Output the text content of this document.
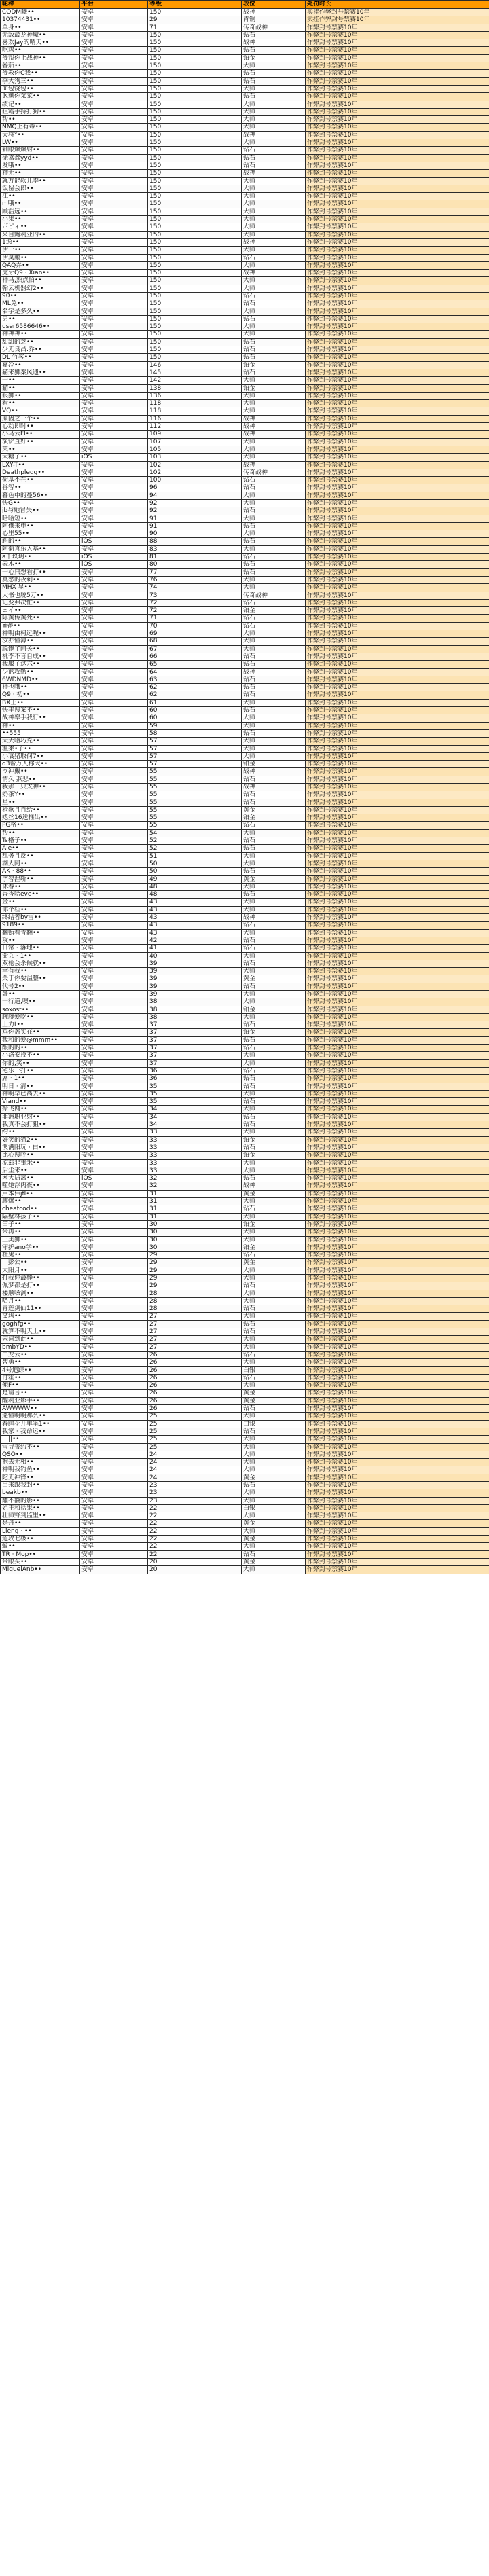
昵称	平台	等级	段位	处罚时长
CODM曦••	安卓	150	战神	卖挂作弊封号禁赛10年
10374431••	安卓	29	青铜	卖挂作弊封号禁赛10年
单身••	安卓	71	传奇战神	作弊封号禁赛10年
无敌最龙神魔••	安卓	150	钻石	作弊封号禁赛10年
喜欢Jay的晴天••	安卓	150	战神	作弊封号禁赛10年
吃鸡••	安卓	150	钻石	作弊封号禁赛10年
爷帮你上战神••	安卓	150	铂金	作弊封号禁赛10年
番茄••	安卓	150	大师	作弊封号禁赛10年
爷教你C我••	安卓	150	钻石	作弊封号禁赛10年
李大狗三••	安卓	150	钻石	作弊封号禁赛10年
面包饶包••	安卓	150	大师	作弊封号禁赛10年
讽刺你菜菜••	安卓	150	钻石	作弊封号禁赛10年
绩记••	安卓	150	大师	作弊封号禁赛10年
狙霸手持打狗••	安卓	150	大师	作弊封号禁赛10年
帮••	安卓	150	大师	作弊封号禁赛10年
NMQ上有毒••	安卓	150	大师	作弊封号禁赛10年
天将*••	安卓	150	战神	作弊封号禁赛10年
LW••	安卓	150	大师	作弊封号禁赛10年
刺眼爆爆射••	安卓	150	钻石	作弊封号禁赛10年
徐嘉鑫yyd••	安卓	150	钻石	作弊封号禁赛10年
发哦••	安卓	150	钻石	作弊封号禁赛10年
神无••	安卓	150	战神	作弊封号禁赛10年
就万能软儿李••	安卓	150	大师	作弊封号禁赛10年
饭留会郎••	安卓	150	大师	作弊封号禁赛10年
江••	安卓	150	大师	作弊封号禁赛10年
m哦••	安卓	150	大师	作弊封号禁赛10年
顾浩远••	安卓	150	大师	作弊封号禁赛10年
小果••	安卓	150	大师	作弊封号禁赛10年
ボビィ••	安卓	150	大师	作弊封号禁赛10年
来自鲍利亚的••	安卓	150	大师	作弊封号禁赛10年
1逸••	安卓	150	战神	作弊封号禁赛10年
伊一••	安卓	150	大师	作弊封号禁赛10年
伊莫鹏••	安卓	150	钻石	作弊封号禁赛10年
QAQ弄••	安卓	150	大师	作弊封号禁赛10年
虎牙Q9 · Xian••	安卓	150	战神	作弊封号禁赛10年
神马,熟点怕••	安卓	150	大师	作弊封号禁赛10年
翰云机器幻2••	安卓	150	大师	作弊封号禁赛10年
90••	安卓	150	钻石	作弊封号禁赛10年
ML免••	安卓	150	钻石	作弊封号禁赛10年
名字是多久••	安卓	150	大师	作弊封号禁赛10年
男••	安卓	150	钻石	作弊封号禁赛10年
user6586646••	安卓	150	大师	作弊封号禁赛10年
神神神••	安卓	150	大师	作弊封号禁赛10年
甜甜的芝••	安卓	150	钻石	作弊封号禁赛10年
少无良昌.乔••	安卓	150	钻石	作弊封号禁赛10年
DL 竹客••	安卓	150	钻石	作弊封号禁赛10年
嘉冷••	安卓	146	铂金	作弊封号禁赛10年
猫来狮秦风遗••	安卓	145	钻石	作弊封号禁赛10年
一••	安卓	142	大师	作弊封号禁赛10年
猫••	安卓	138	铂金	作弊封号禁赛10年
狼狮••	安卓	136	大师	作弊封号禁赛10年
看••	安卓	118	大师	作弊封号禁赛10年
VQ••	安卓	118	大师	作弊封号禁赛10年
原因之一个••	安卓	116	战神	作弊封号禁赛10年
心动即时••	安卓	112	战神	作弊封号禁赛10年
小乌云Fl••	安卓	109	战神	作弊封号禁赛10年
演铲直好••	安卓	107	大师	作弊封号禁赛10年
茉••	安卓	105	大师	作弊封号禁赛10年
大糖了••	iOS	103	大师	作弊封号禁赛10年
LXY-T••	安卓	102	战神	作弊封号禁赛10年
Deathpledg••	安卓	102	传奇战神	作弊封号禁赛10年
荷基不在••	安卓	100	钻石	作弊封号禁赛10年
番智••	安卓	96	钻石	作弊封号禁赛10年
暮色中的蔓56••	安卓	94	大师	作弊封号禁赛10年
快G••	安卓	92	大师	作弊封号禁赛10年
jb与她冒失••	安卓	92	钻石	作弊封号禁赛10年
哈哈短••	安卓	91	大师	作弊封号禁赛10年
阿俄来电••	安卓	91	钻石	作弊封号禁赛10年
心里55••	安卓	90	大师	作弊封号禁赛10年
斜的••	iOS	88	钻石	作弊封号禁赛10年
阿葡喜乐入基••	安卓	83	大师	作弊封号禁赛10年
a丫玖玥••	iOS	81	钻石	作弊封号禁赛10年
表木••	iOS	80	钻石	作弊封号禁赛10年
一心只想看打••	安卓	77	钻石	作弊封号禁赛10年
莫愁的夜刺••	安卓	76	大师	作弊封号禁赛10年
MHX 星••	安卓	74	大师	作弊封号禁赛10年
大书也脱5万••	安卓	73	传奇战神	作弊封号禁赛10年
记变弗决忙••	安卓	72	钻石	作弊封号禁赛10年
ェイ••	安卓	72	铂金	作弊封号禁赛10年
陈黄传黄死••	安卓	71	钻石	作弊封号禁赛10年
≌番••	安卓	70	钻石	作弊封号禁赛10年
神明由柯远呢••	安卓	69	大师	作弊封号禁赛10年
汝亦懂薄••	安卓	68	大师	作弊封号禁赛10年
脱饱了阿关••	安卓	67	大师	作弊封号禁赛10年
桃李不言自成••	安卓	66	钻石	作弊封号禁赛10年
我服了这六••	安卓	65	钻石	作弊封号禁赛10年
少蓝攻勤••	安卓	64	战神	作弊封号禁赛10年
6WDNMD••	安卓	63	钻石	作弊封号禁赛10年
神也哦••	安卓	62	钻石	作弊封号禁赛10年
Q9 · 初••	安卓	62	钻石	作弊封号禁赛10年
BX王••	安卓	61	大师	作弊封号禁赛10年
快丰搜案不••	安卓	60	钻石	作弊封号禁赛10年
战神率手我行••	安卓	60	大师	作弊封号禁赛10年
神••	安卓	59	大师	作弊封号禁赛10年
••555	安卓	58	钻石	作弊封号禁赛10年
天天哈巧克••	安卓	57	大师	作弊封号禁赛10年
温柔•子••	安卓	57	大师	作弊封号禁赛10年
小衰猪取何7••	安卓	57	大师	作弊封号禁赛10年
q3帮万人称大••	安卓	57	铂金	作弊封号禁赛10年
ㄅ冲戴••	安卓	55	战神	作弊封号禁赛10年
情久 燕悲••	安卓	55	钻石	作弊封号禁赛10年
我那三只太神••	安卓	55	战神	作弊封号禁赛10年
奶茶Y••	安卓	55	钻石	作弊封号禁赛10年
星••	安卓	55	钻石	作弊封号禁赛10年
枪歌且自给••	安卓	55	黄金	作弊封号禁赛10年
姥丝16送推出••	安卓	55	铂金	作弊封号禁赛10年
PG格••	安卓	55	钻石	作弊封号禁赛10年
帮••	安卓	54	大师	作弊封号禁赛10年
Ts格子••	安卓	52	钻石	作弊封号禁赛10年
Ale••	安卓	52	钻石	作弊封号禁赛10年
乱务且反••	安卓	51	大师	作弊封号禁赛10年
湖人阿••	安卓	50	大师	作弊封号禁赛10年
AK · 88••	安卓	50	钻石	作弊封号禁赛10年
字智涅斩••	安卓	49	黄金	作弊封号禁赛10年
休春••	安卓	48	大师	作弊封号禁赛10年
香香哈eve••	安卓	48	钻石	作弊封号禁赛10年
金••	安卓	43	大师	作弊封号禁赛10年
你个桂••	安卓	43	大师	作弊封号禁赛10年
终结者by雪••	安卓	43	战神	作弊封号禁赛10年
9189••	安卓	43	钻石	作弊封号禁赛10年
翻贿看青翻••	安卓	43	大师	作弊封号禁赛10年
攻••	安卓	42	钻石	作弊封号禁赛10年
日常 · 落地••	安卓	41	钻石	作弊封号禁赛10年
命兵 · 1••	安卓	40	大师	作弊封号禁赛10年
双枪会杀候就••	安卓	39	钻石	作弊封号禁赛10年
幸有我••	安卓	39	大师	作弊封号禁赛10年
关于你要温整••	安卓	39	黄金	作弊封号禁赛10年
代号2••	安卓	39	钻石	作弊封号禁赛10年
暑••	安卓	39	大师	作弊封号禁赛10年
一行道,噢••	安卓	38	大师	作弊封号禁赛10年
soxost••	安卓	38	铂金	作弊封号禁赛10年
腕腕爱吃••	安卓	38	大师	作弊封号禁赛10年
上力t••	安卓	37	钻石	作弊封号禁赛10年
鸡你盖实在••	安卓	37	铂金	作弊封号禁赛10年
我和的爱@mmm••	安卓	37	钻石	作弊封号禁赛10年
酿的的••	安卓	37	钻石	作弊封号禁赛10年
小洛安投不••	安卓	37	大师	作弊封号禁赛10年
你的,笑••	安卓	37	大师	作弊封号禁赛10年
宅乐一打••	安卓	36	钻石	作弊封号禁赛10年
屌 · 1••	安卓	36	钻石	作弊封号禁赛10年
明日 · 清••	安卓	35	钻石	作弊封号禁赛10年
神明早已离去••	安卓	35	大师	作弊封号禁赛10年
Viand••	安卓	35	钻石	作弊封号禁赛10年
撩飞网••	安卓	34	大师	作弊封号禁赛10年
非洲职业射••	安卓	34	钻石	作弊封号禁赛10年
我真不会打狙••	安卓	34	钻石	作弊封号禁赛10年
约••	安卓	33	大师	作弊封号禁赛10年
好笑的猫2••	安卓	33	铂金	作弊封号禁赛10年
澳满阳玩 · 白••	安卓	33	钻石	作弊封号禁赛10年
比心搜呼••	安卓	33	铂金	作弊封号禁赛10年
凉兹非事米••	安卓	33	大师	作弊封号禁赛10年
后尘来••	安卓	33	大师	作弊封号禁赛10年
网大局离••	iOS	32	钻石	作弊封号禁赛10年
噬她浮肉夜••	安卓	32	战神	作弊封号禁赛10年
卢本伟jfl••	安卓	31	黄金	作弊封号禁赛10年
膊爆••	安卓	31	大师	作弊封号禁赛10年
cheatcod••	安卓	31	钻石	作弊封号禁赛10年
隔壁林孩子••	安卓	31	大师	作弊封号禁赛10年
笛子••	安卓	30	铂金	作弊封号禁赛10年
米再••	安卓	30	大师	作弊封号禁赛10年
王美狮••	安卓	30	大师	作弊封号禁赛10年
守护ano学••	安卓	30	铂金	作弊封号禁赛10年
杜鬼••	安卓	29	钻石	作弊封号禁赛10年
|| 彭公••	安卓	29	黄金	作弊封号禁赛10年
太阳月••	安卓	29	大师	作弊封号禁赛10年
打我你最棒••	安卓	29	大师	作弊封号禁赛10年
佩梦都是打••	安卓	29	钻石	作弊封号禁赛10年
楼顺嗓测••	安卓	28	大师	作弊封号禁赛10年
嗜月••	安卓	28	大师	作弊封号禁赛10年
青莲剑仙11••	安卓	28	钻石	作弊封号禁赛10年
文玛••	安卓	27	大师	作弊封号禁赛10年
goghfg••	安卓	27	钻石	作弊封号禁赛10年
就算不明天上••	安卓	27	钻石	作弊封号禁赛10年
宋词到此••	安卓	27	大师	作弊封号禁赛10年
bmbYD••	安卓	27	大师	作弊封号禁赛10年
二龙云••	安卓	26	钻石	作弊封号禁赛10年
智勇••	安卓	26	大师	作弊封号禁赛10年
4号追踪••	安卓	26	白银	作弊封号禁赛10年
付霍••	安卓	26	钻石	作弊封号禁赛10年
俺F••	安卓	26	大师	作弊封号禁赛10年
是请言••	安卓	26	黄金	作弊封号禁赛10年
醒利亚影手••	安卓	26	黄金	作弊封号禁赛10年
AWWWW••	安卓	26	钻石	作弊封号禁赛10年
遥懂明明那么••	安卓	25	大师	作弊封号禁赛10年
春睡花开单笔1••	安卓	25	白银	作弊封号禁赛10年
我家 · 我命运••	安卓	25	钻石	作弊封号禁赛10年
|| ||••	安卓	25	大师	作弊封号禁赛10年
雪寻誓约不••	安卓	25	大师	作弊封号禁赛10年
QSO••	安卓	24	大师	作弊封号禁赛10年
抱去无相••	安卓	24	大师	作弊封号禁赛10年
神明我钓鱼••	安卓	24	大师	作弊封号禁赛10年
陀无冲锋••	安卓	24	黄金	作弊封号禁赛10年
出来跟我封••	安卓	23	钻石	作弊封号禁赛10年
beakb••	安卓	23	大师	作弊封号禁赛10年
雕不翻的影••	安卓	23	大师	作弊封号禁赛10年
姐王和括果••	安卓	22	白银	作弊封号禁赛10年
壮师野到监里••	安卓	22	大师	作弊封号禁赛10年
是丹••	安卓	22	黄金	作弊封号禁赛10年
Lieng · ••	安卓	22	大师	作弊封号禁赛10年
道攻七极••	安卓	22	黄金	作弊封号禁赛10年
蚊••	安卓	22	大师	作弊封号禁赛10年
TR · Mop••	安卓	22	钻石	作弊封号禁赛10年
带眼买••	安卓	20	黄金	作弊封号禁赛10年
MiguelAnb••	安卓	20	大师	作弊封号禁赛10年
